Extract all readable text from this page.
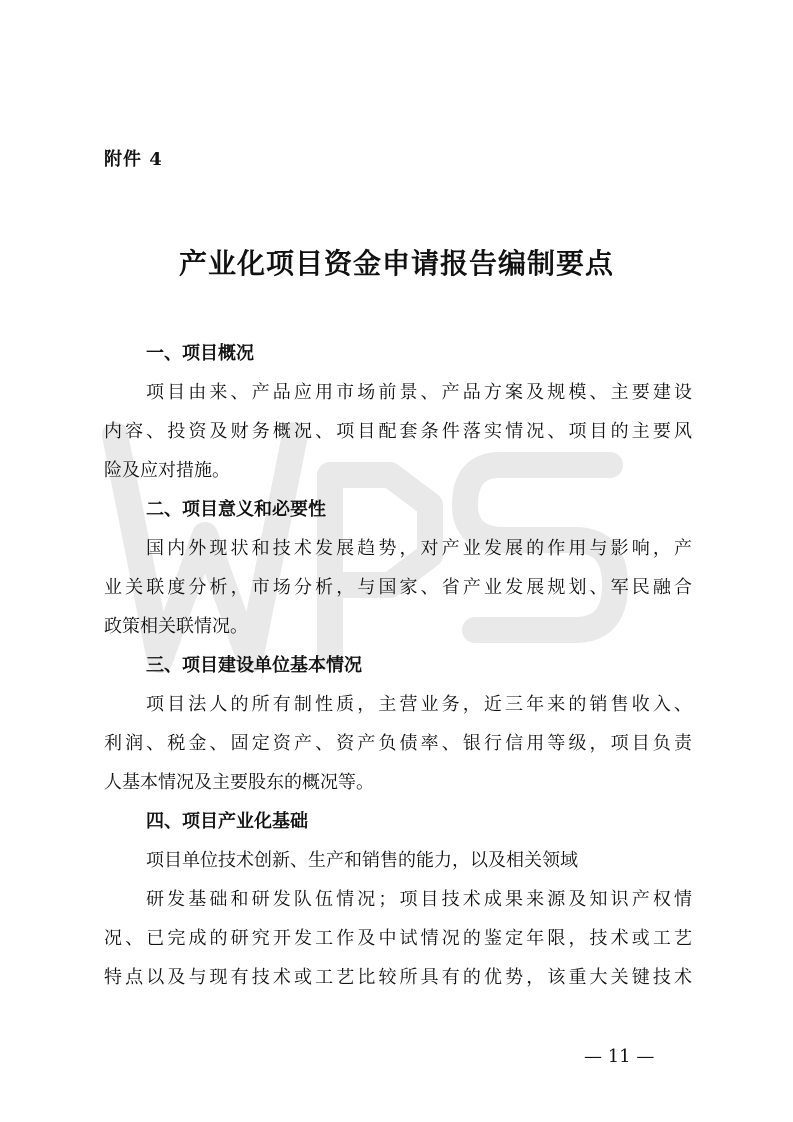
附件 4
产业化项目资金申请报告编制要点
一、项目概况
项目由来、产品应用市场前景、产品方案及规模、主要建设
内容、投资及财务概况、项目配套条件落实情况、项目的主要风
险及应对措施。
二、项目意义和必要性
国内外现状和技术发展趋势，对产业发展的作用与影响，产
业关联度分析，市场分析，与国家、省产业发展规划、军民融合
政策相关联情况。
三、项目建设单位基本情况
项目法人的所有制性质，主营业务，近三年来的销售收入、
利润、税金、固定资产、资产负债率、银行信用等级，项目负责
人基本情况及主要股东的概况等。
四、项目产业化基础
项目单位技术创新、生产和销售的能力，以及相关领域
研发基础和研发队伍情况；项目技术成果来源及知识产权情
况、已完成的研究开发工作及中试情况的鉴定年限，技术或工艺
特点以及与现有技术或工艺比较所具有的优势，该重大关键技术
— 11 —
